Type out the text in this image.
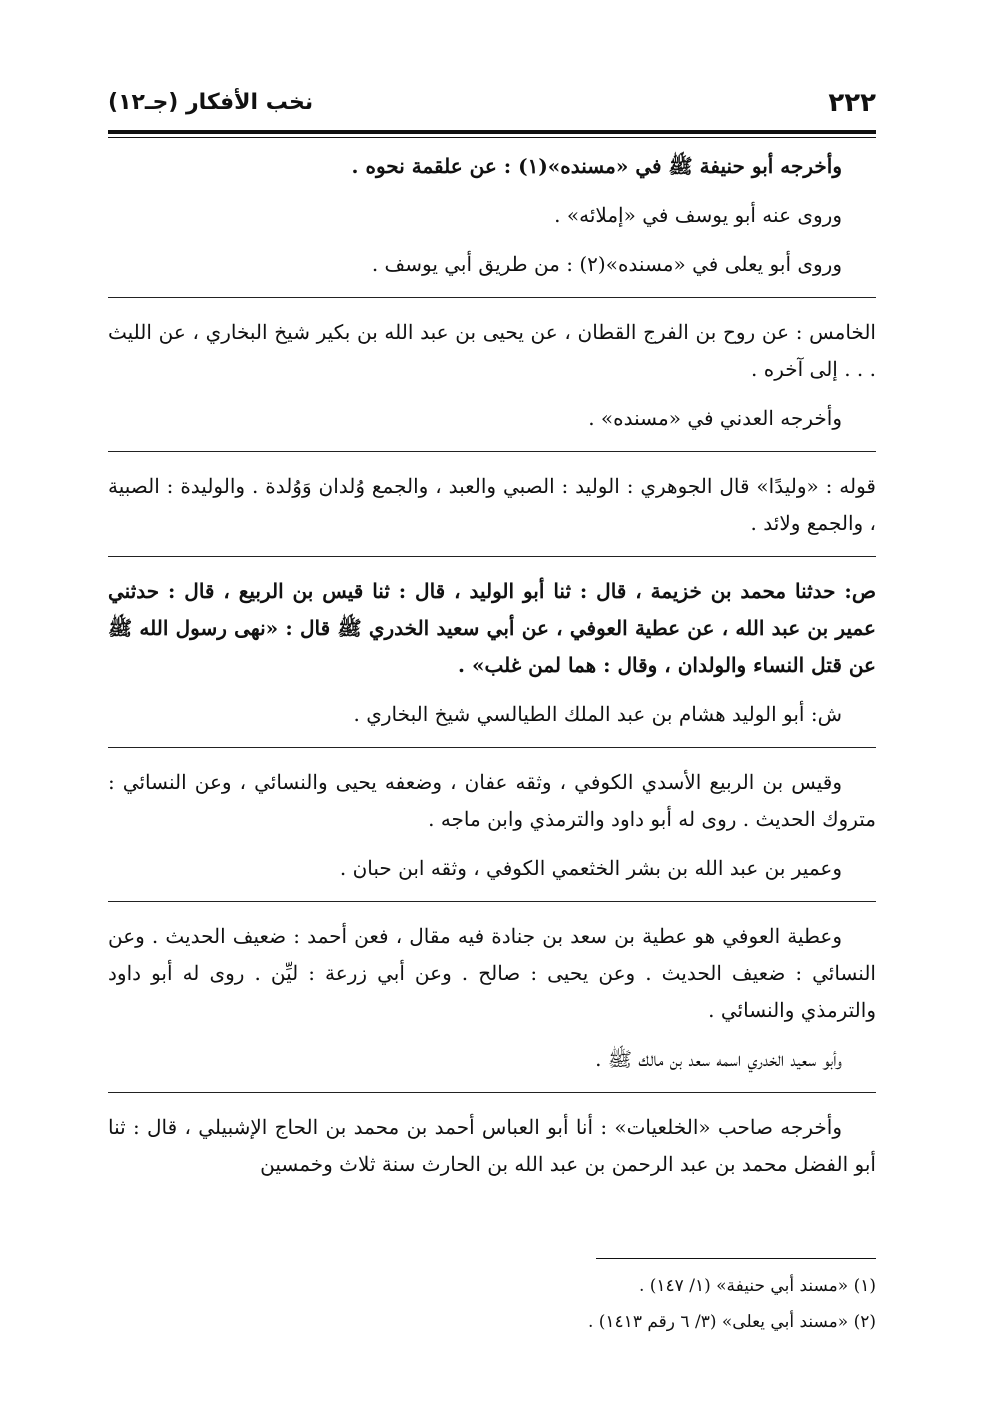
٢٢٢
نخب الأفكار (جـ١٢)

وأخرجه أبو حنيفة ﷺ في «مسنده»(١) : عن علقمة نحوه .

وروى عنه أبو يوسف في «إملائه» .

وروى أبو يعلى في «مسنده»(٢) : من طريق أبي يوسف .

الخامس : عن روح بن الفرج القطان ، عن يحيى بن عبد الله بن بكير شيخ البخاري ، عن الليث . . . إلى آخره .

وأخرجه العدني في «مسنده» .

قوله : «وليدًا» قال الجوهري : الوليد : الصبي والعبد ، والجمع وُلدان وَوُلدة . والوليدة : الصبية ، والجمع ولائد .

ص: حدثنا محمد بن خزيمة ، قال : ثنا أبو الوليد ، قال : ثنا قيس بن الربيع ، قال : حدثني عمير بن عبد الله ، عن عطية العوفي ، عن أبي سعيد الخدري ﷺ قال : «نهى رسول الله ﷺ عن قتل النساء والولدان ، وقال : هما لمن غلب» .

ش: أبو الوليد هشام بن عبد الملك الطيالسي شيخ البخاري .

وقيس بن الربيع الأسدي الكوفي ، وثقه عفان ، وضعفه يحيى والنسائي ، وعن النسائي : متروك الحديث . روى له أبو داود والترمذي وابن ماجه .

وعمير بن عبد الله بن بشر الخثعمي الكوفي ، وثقه ابن حبان .

وعطية العوفي هو عطية بن سعد بن جنادة فيه مقال ، فعن أحمد : ضعيف الحديث . وعن النسائي : ضعيف الحديث . وعن يحيى : صالح . وعن أبي زرعة : ليِّن . روى له أبو داود والترمذي والنسائي .

وأبو سعيد الخدري اسمه سعد بن مالك ﷺ .

وأخرجه صاحب «الخلعيات» : أنا أبو العباس أحمد بن محمد بن الحاج الإشبيلي ، قال : ثنا أبو الفضل محمد بن عبد الرحمن بن عبد الله بن الحارث سنة ثلاث وخمسين

(١) «مسند أبي حنيفة» (١/ ١٤٧) .

(٢) «مسند أبي يعلى» (٣/ ٦ رقم ١٤١٣) .
